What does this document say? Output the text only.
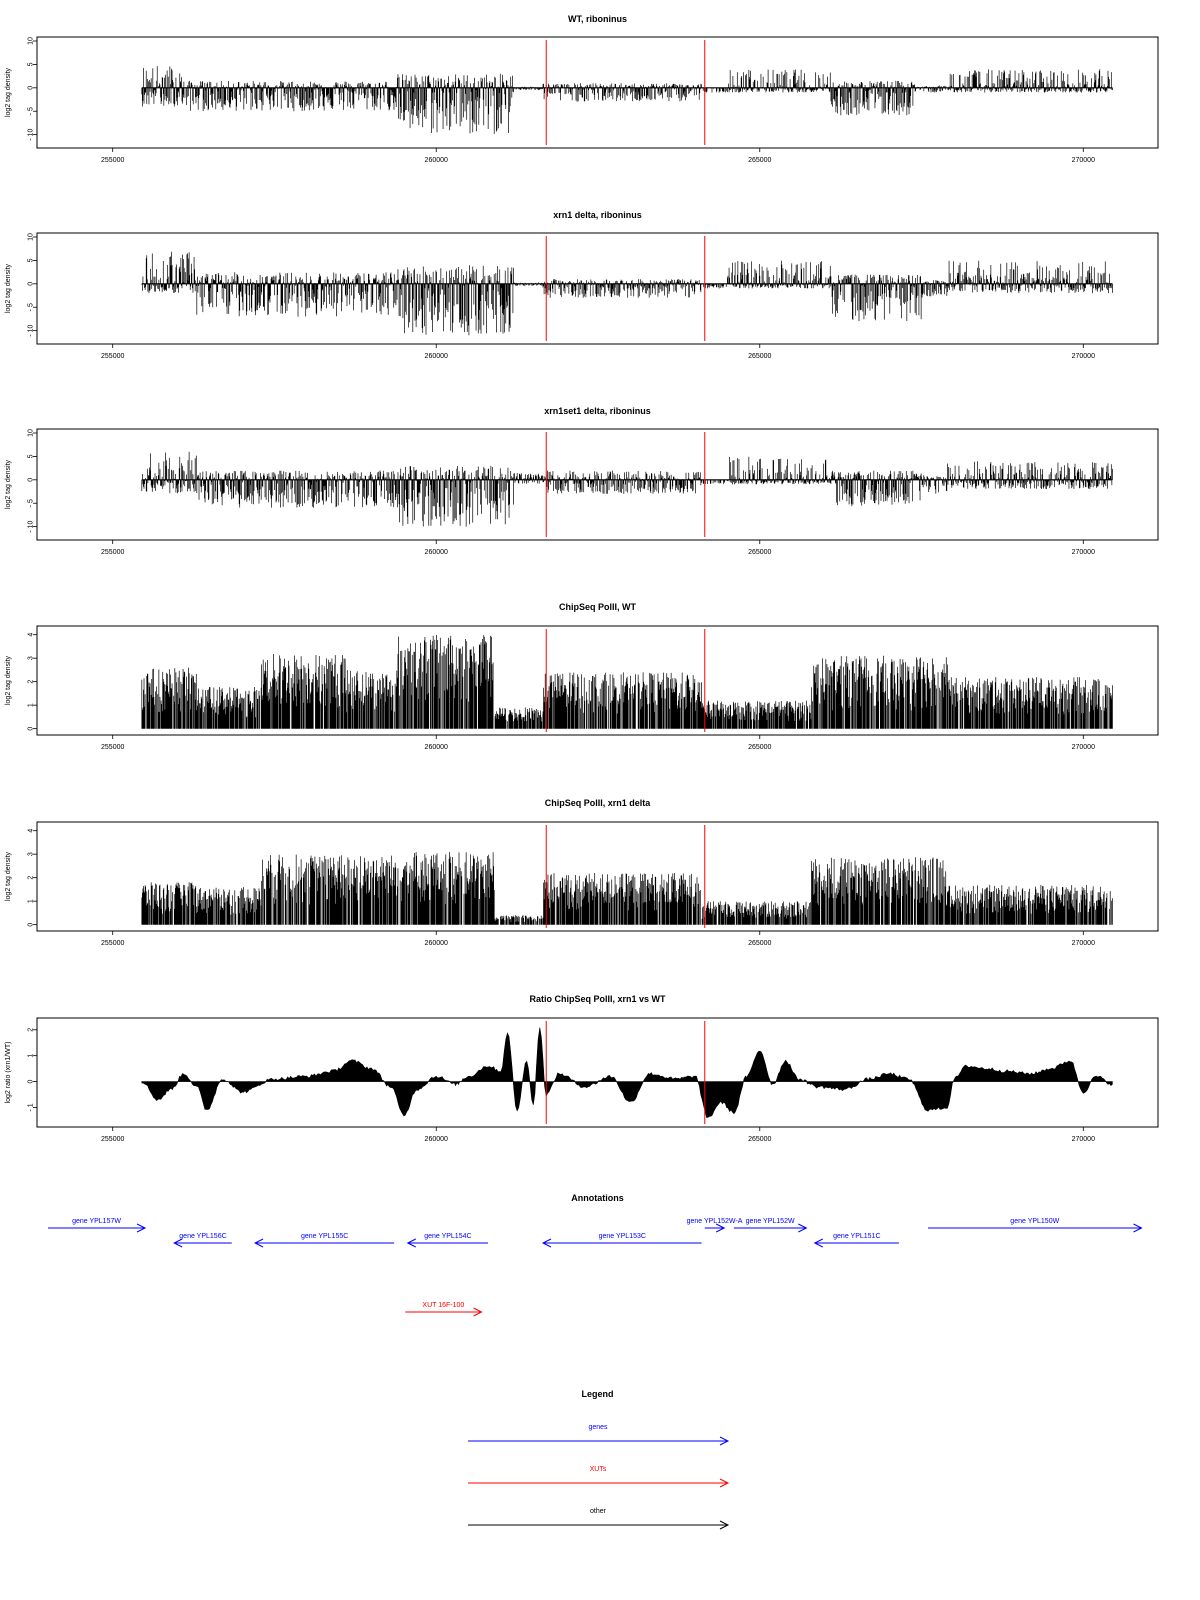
WT, riboninus
10
5
0
- 5
- 10
log2 tag density
255000	260000	265000	270000
xrn1 delta, riboninus
10
5
0
- 5
- 10
log2 tag density
255000	260000	265000	270000
xrn1set1 delta, riboninus
10
5
0
- 5
- 10
log2 tag density
255000	260000	265000	270000
ChipSeq PolII, WT
4
3
2
1
0
log2 tag density
255000	260000	265000	270000
ChipSeq PolII, xrn1 delta
4
3
2
1
0
log2 tag density
255000	260000	265000	270000
Ratio ChipSeq PolII, xrn1 vs WT
2
1
0
- 1
log2 ratio (xrn1/WT)
255000	260000	265000	270000
Annotations
gene YPL157W
gene YPL156C	gene YPL155C	gene YPL154C	gene YPL153C
gene YPL152W-A gene YPL152W
gene YPL151C
gene YPL150W
XUT 16F-100
Legend
genes
XUTs
other
